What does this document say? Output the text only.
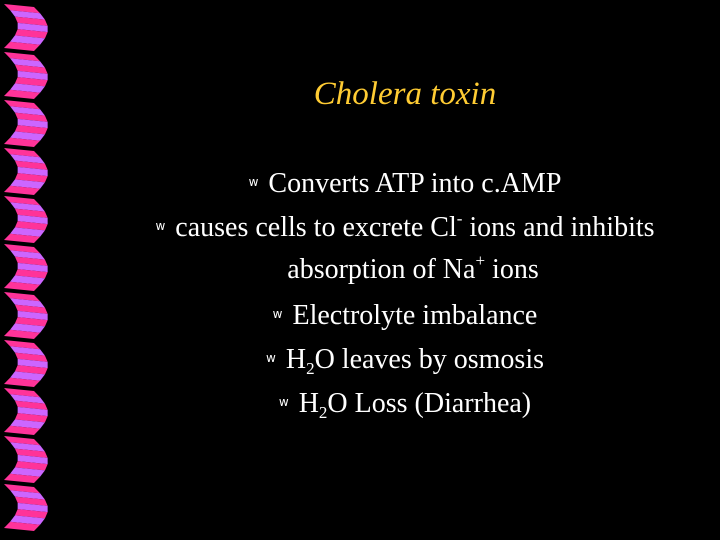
Cholera toxin
w Converts ATP into c.AMP
w causes cells to excrete Cl- ions and inhibits
absorption of Na+ ions
w Electrolyte imbalance
w $H_2O$ leaves by osmosis
w $H_2O$ Loss (Diarrhea)
